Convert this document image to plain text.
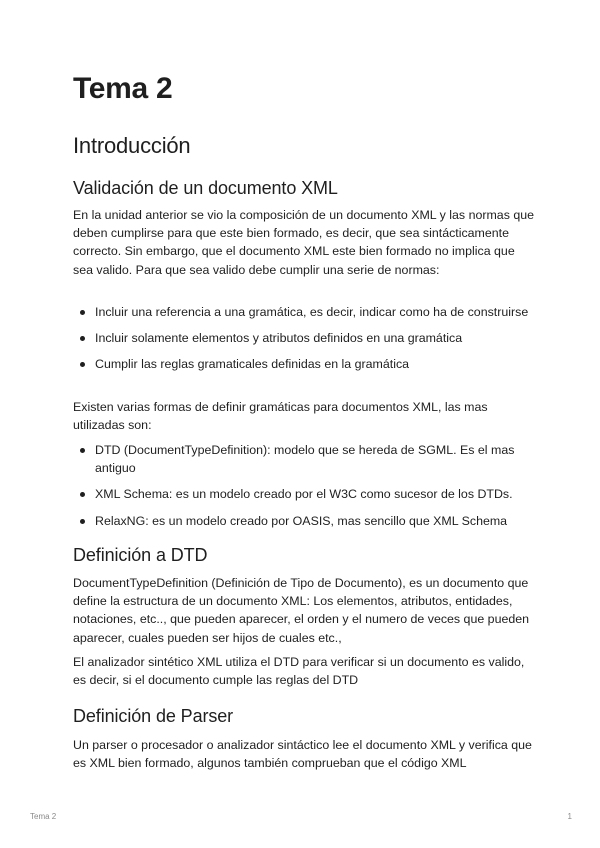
Tema 2
Introducción
Validación de un documento XML

En la unidad anterior se vio la composición de un documento XML y las normas que deben cumplirse para que este bien formado, es decir, que sea sintácticamente correcto. Sin embargo, que el documento XML este bien formado no implica que sea valido. Para que sea valido debe cumplir una serie de normas:

Incluir una referencia a una gramática, es decir, indicar como ha de construirse
Incluir solamente elementos y atributos definidos en una gramática
Cumplir las reglas gramaticales definidas en la gramática

Existen varias formas de definir gramáticas para documentos XML, las mas utilizadas son:

DTD (DocumentTypeDefinition): modelo que se hereda de SGML. Es el mas antiguo
XML Schema: es un modelo creado por el W3C como sucesor de los DTDs.
RelaxNG: es un modelo creado por OASIS, mas sencillo que XML Schema
Definición a DTD

DocumentTypeDefinition (Definición de Tipo de Documento), es un documento que define la estructura de un documento XML: Los elementos, atributos, entidades, notaciones, etc.., que pueden aparecer, el orden y el numero de veces que pueden aparecer, cuales pueden ser hijos de cuales etc.,

El analizador sintético XML utiliza el DTD para verificar si un documento es valido, es decir, si el documento cumple las reglas del DTD

Definición de Parser

Un parser o procesador o analizador sintáctico lee el documento XML y verifica que es XML bien formado, algunos también comprueban que el código XML

Tema 2	1
